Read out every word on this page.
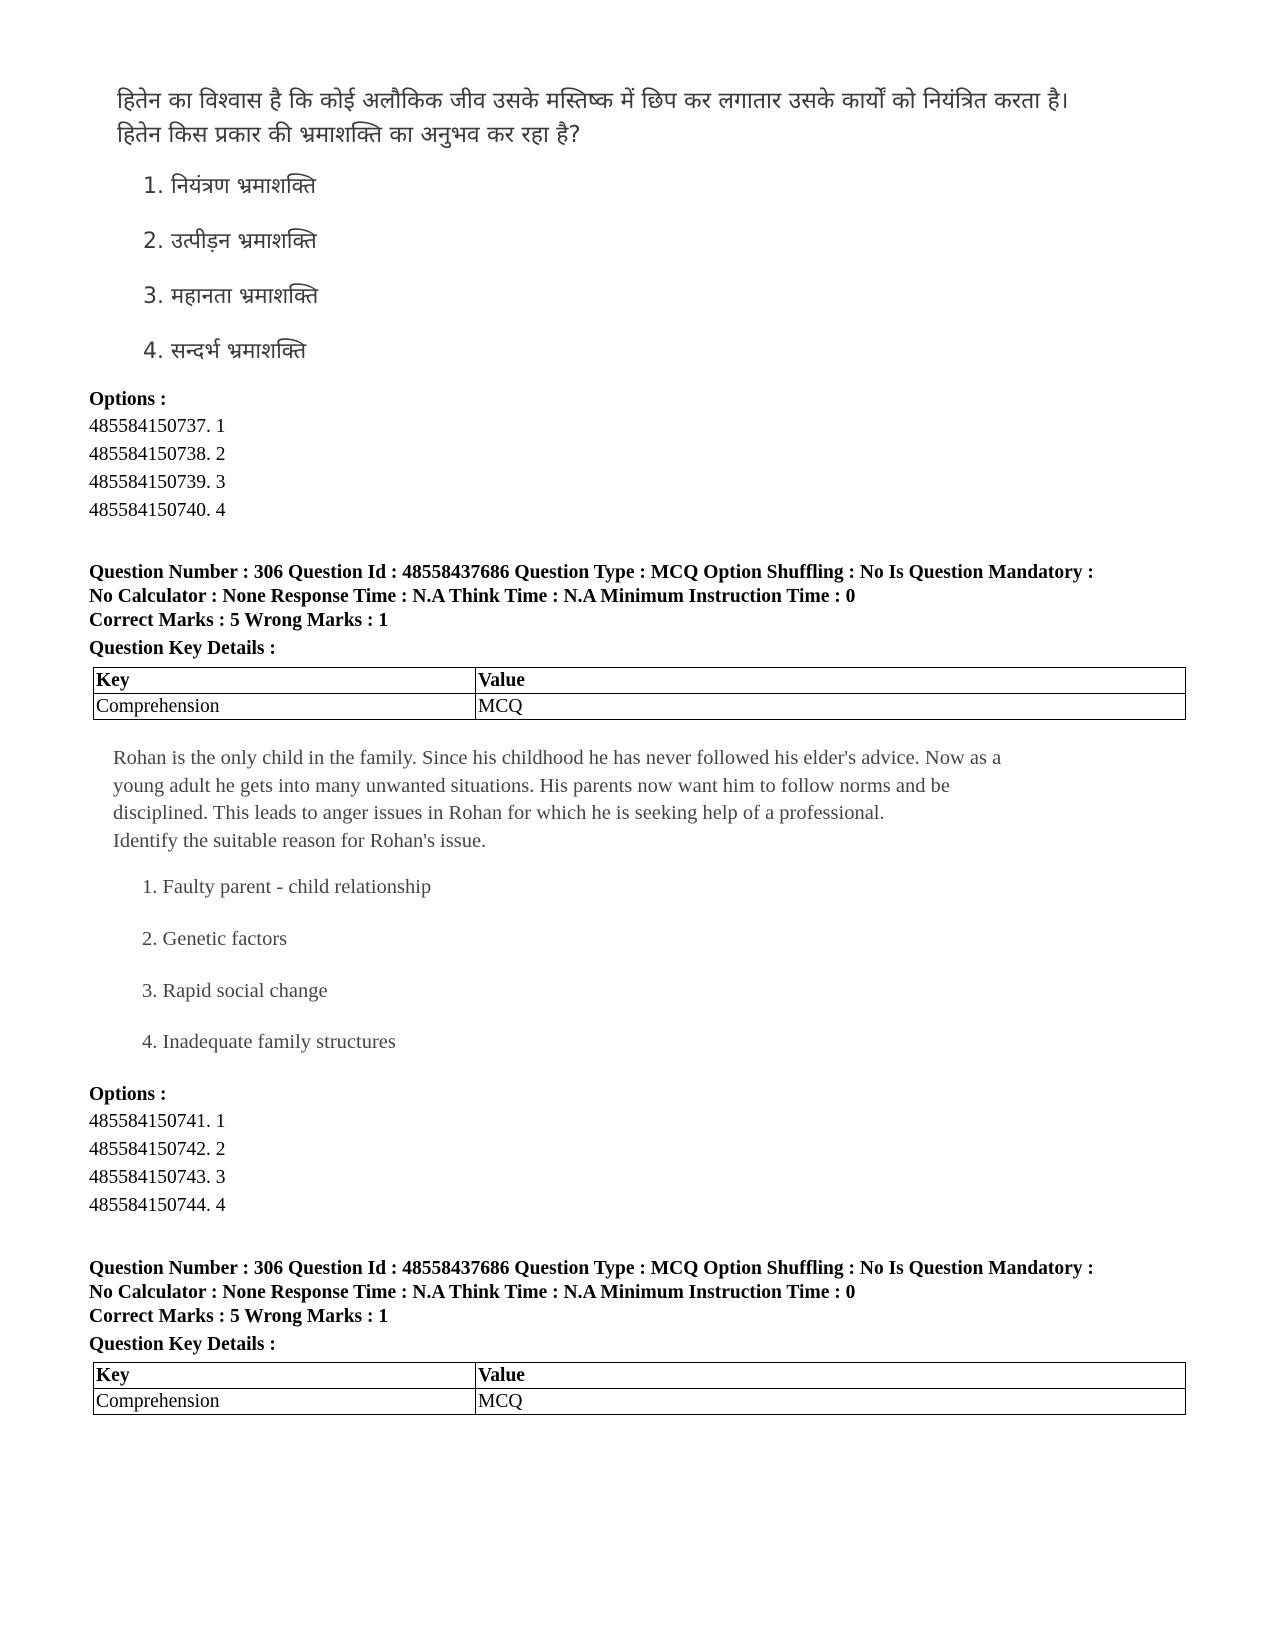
हितेन का विश्वास है कि कोई अलौकिक जीव उसके मस्तिष्क में छिप कर लगातार उसके कार्यों को नियंत्रित करता है।
हितेन किस प्रकार की भ्रमाशक्ति का अनुभव कर रहा है?
1. नियंत्रण भ्रमाशक्ति
2. उत्पीड़न भ्रमाशक्ति
3. महानता भ्रमाशक्ति
4. सन्दर्भ भ्रमाशक्ति
Options :
485584150737. 1
485584150738. 2
485584150739. 3
485584150740. 4
Question Number : 306 Question Id : 48558437686 Question Type : MCQ Option Shuffling : No Is Question Mandatory :
No Calculator : None Response Time : N.A Think Time : N.A Minimum Instruction Time : 0
Correct Marks : 5 Wrong Marks : 1
Question Key Details :
Key	Value
Comprehension	MCQ
Rohan is the only child in the family. Since his childhood he has never followed his elder's advice. Now as a
young adult he gets into many unwanted situations. His parents now want him to follow norms and be
disciplined. This leads to anger issues in Rohan for which he is seeking help of a professional.
Identify the suitable reason for Rohan's issue.
1. Faulty parent - child relationship
2. Genetic factors
3. Rapid social change
4. Inadequate family structures
Options :
485584150741. 1
485584150742. 2
485584150743. 3
485584150744. 4
Question Number : 306 Question Id : 48558437686 Question Type : MCQ Option Shuffling : No Is Question Mandatory :
No Calculator : None Response Time : N.A Think Time : N.A Minimum Instruction Time : 0
Correct Marks : 5 Wrong Marks : 1
Question Key Details :
Key	Value
Comprehension	MCQ
